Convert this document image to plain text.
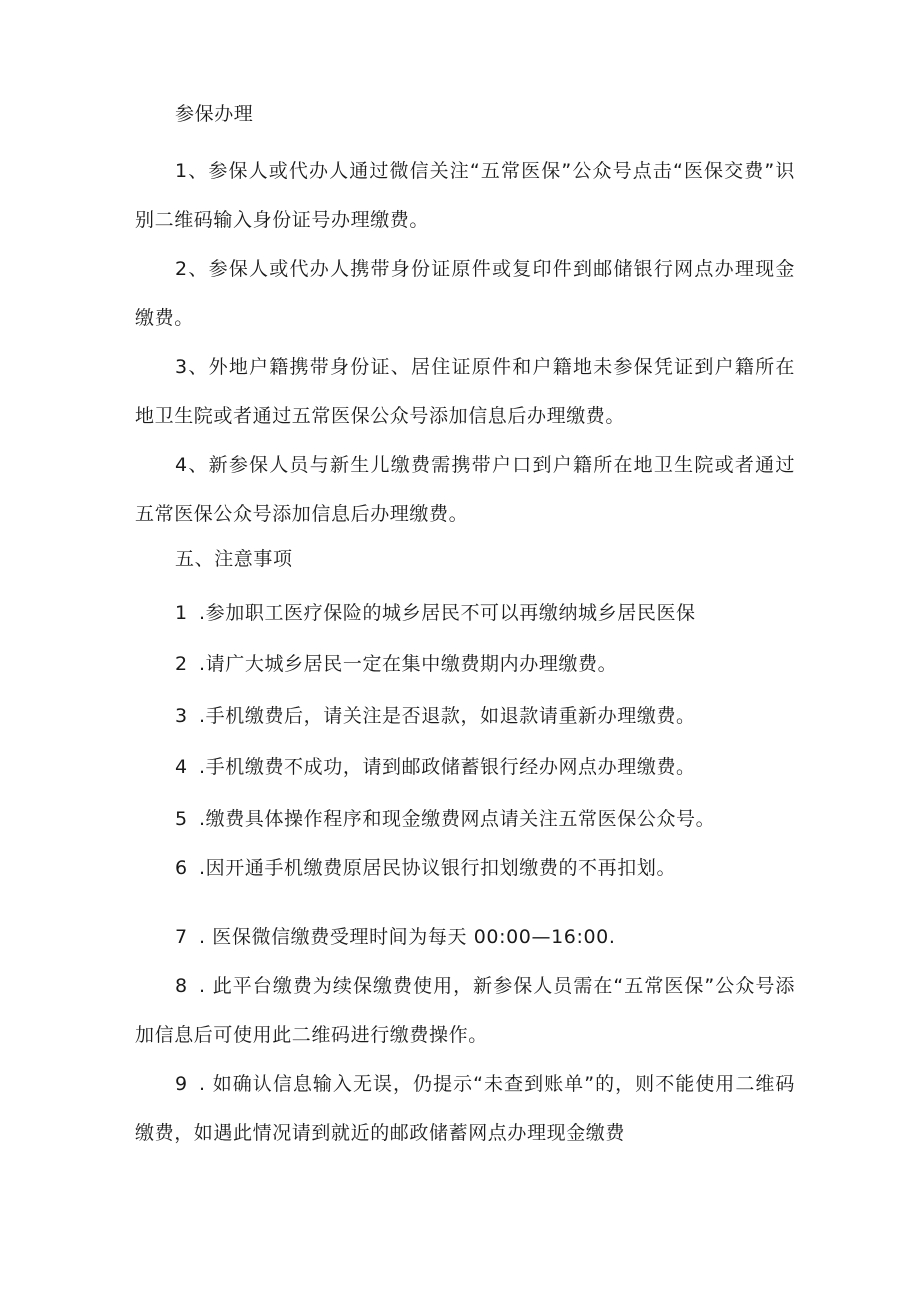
参保办理

1、参保人或代办人通过微信关注“五常医保”公众号点击“医保交费”识别二维码输入身份证号办理缴费。

2、参保人或代办人携带身份证原件或复印件到邮储银行网点办理现金缴费。

3、外地户籍携带身份证、居住证原件和户籍地未参保凭证到户籍所在地卫生院或者通过五常医保公众号添加信息后办理缴费。

4、新参保人员与新生儿缴费需携带户口到户籍所在地卫生院或者通过五常医保公众号添加信息后办理缴费。

五、注意事项

1 .参加职工医疗保险的城乡居民不可以再缴纳城乡居民医保

2 .请广大城乡居民一定在集中缴费期内办理缴费。

3 .手机缴费后，请关注是否退款，如退款请重新办理缴费。

4 .手机缴费不成功，请到邮政储蓄银行经办网点办理缴费。

5 .缴费具体操作程序和现金缴费网点请关注五常医保公众号。

6 .因开通手机缴费原居民协议银行扣划缴费的不再扣划。

7 . 医保微信缴费受理时间为每天 00:00—16:00.

8 . 此平台缴费为续保缴费使用，新参保人员需在“五常医保”公众号添加信息后可使用此二维码进行缴费操作。

9 . 如确认信息输入无误，仍提示“未查到账单”的，则不能使用二维码缴费，如遇此情况请到就近的邮政储蓄网点办理现金缴费
